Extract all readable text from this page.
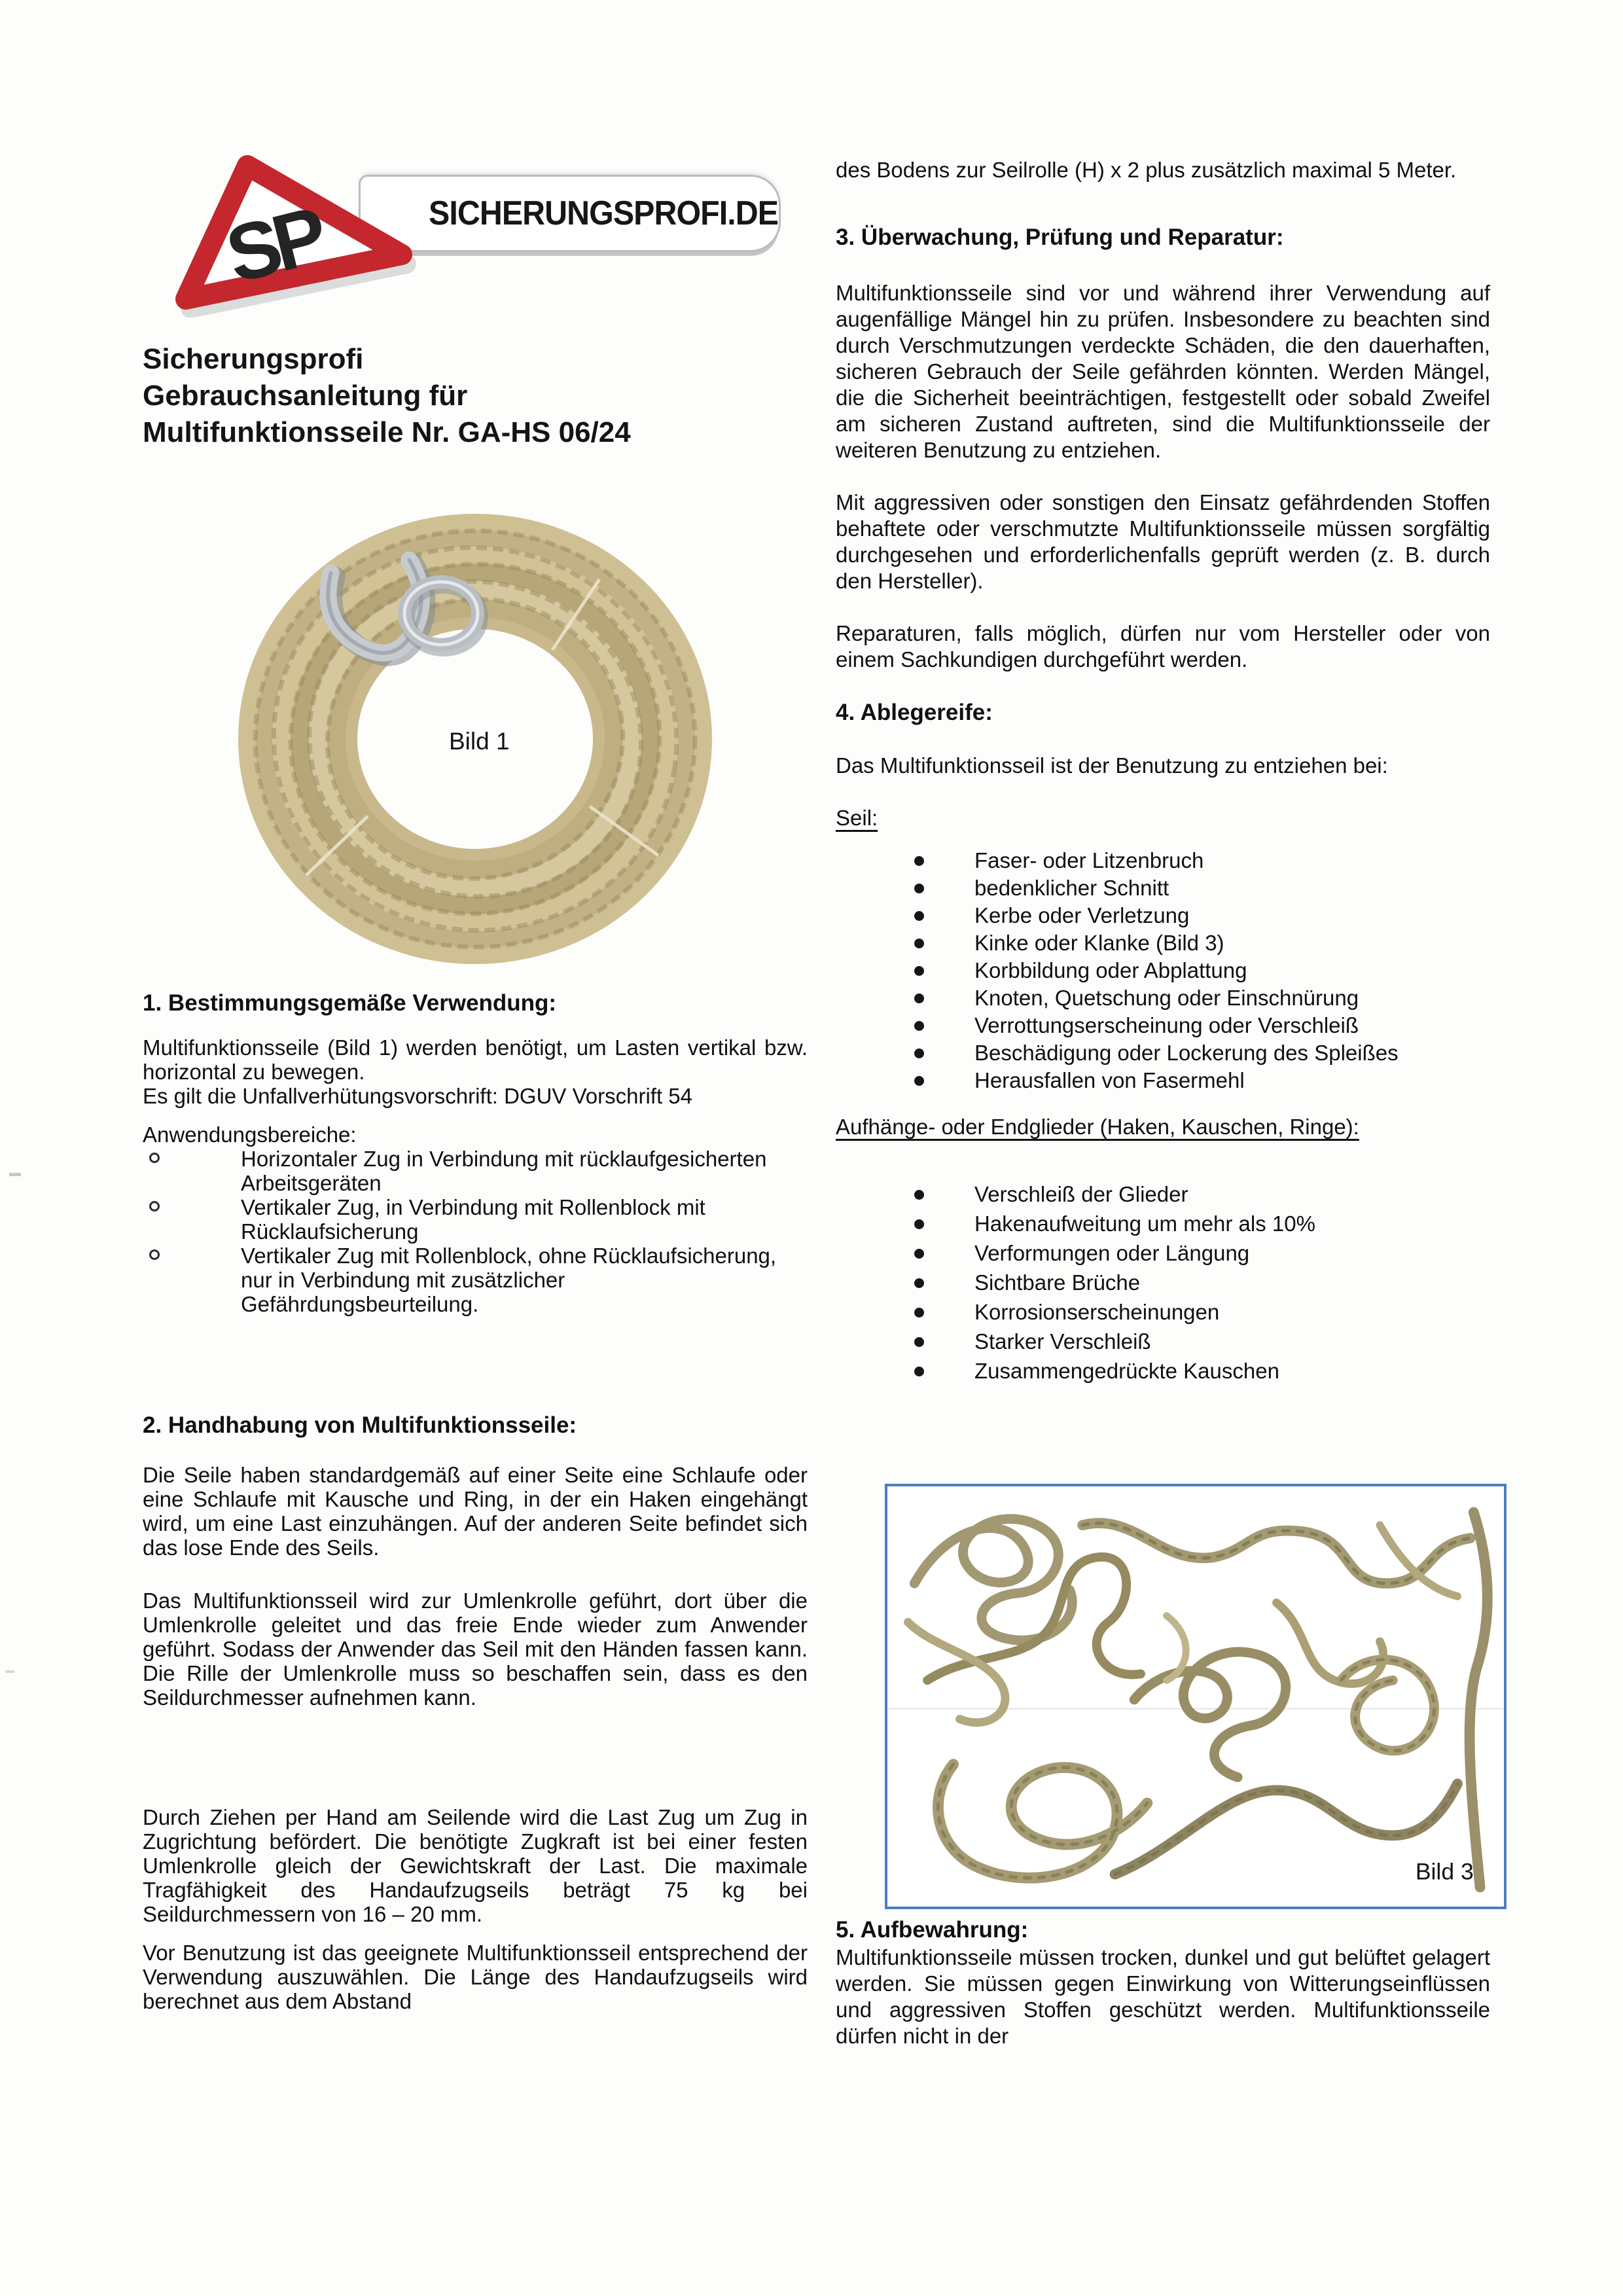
SICHERUNGSPROFI.DE
SP
Sicherungsprofi
Gebrauchsanleitung für
Multifunktionsseile Nr. GA-HS 06/24
Bild 1
1. Bestimmungsgemäße Verwendung:

Multifunktionsseile (Bild 1) werden benötigt, um Lasten vertikal bzw. horizontal zu bewegen.

Es gilt die Unfallverhütungsvorschrift: DGUV Vorschrift 54

Anwendungsbereiche:

Horizontaler Zug in Verbindung mit rücklaufgesicherten Arbeitsgeräten
Vertikaler Zug, in Verbindung mit Rollenblock mit Rücklaufsicherung
Vertikaler Zug mit Rollenblock, ohne Rücklaufsicherung, nur in Verbindung mit zusätzlicher Gefährdungsbeurteilung.
2. Handhabung von Multifunktionsseile:

Die Seile haben standardgemäß auf einer Seite eine Schlaufe oder eine Schlaufe mit Kausche und Ring, in der ein Haken eingehängt wird, um eine Last einzuhängen. Auf der anderen Seite befindet sich das lose Ende des Seils.

Das Multifunktionsseil wird zur Umlenkrolle geführt, dort über die Umlenkrolle geleitet und das freie Ende wieder zum Anwender geführt. Sodass der Anwender das Seil mit den Händen fassen kann. Die Rille der Umlenkrolle muss so beschaffen sein, dass es den Seildurchmesser aufnehmen kann.

Durch Ziehen per Hand am Seilende wird die Last Zug um Zug in Zugrichtung befördert. Die benötigte Zugkraft ist bei einer festen Umlenkrolle gleich der Gewichtskraft der Last. Die maximale Tragfähigkeit des Handaufzugseils beträgt 75 kg bei Seildurchmessern von 16 – 20 mm.

Vor Benutzung ist das geeignete Multifunktionsseil entsprechend der Verwendung auszuwählen. Die Länge des Handaufzugseils wird berechnet aus dem Abstand

des Bodens zur Seilrolle (H) x 2 plus zusätzlich maximal 5 Meter.

3. Überwachung, Prüfung und Reparatur:

Multifunktionsseile sind vor und während ihrer Verwendung auf augenfällige Mängel hin zu prüfen. Insbesondere zu beachten sind durch Verschmutzungen verdeckte Schäden, die den dauerhaften, sicheren Gebrauch der Seile gefährden könnten. Werden Mängel, die die Sicherheit beeinträchtigen, festgestellt oder sobald Zweifel am sicheren Zustand auftreten, sind die Multifunktionsseile der weiteren Benutzung zu entziehen.

Mit aggressiven oder sonstigen den Einsatz gefährdenden Stoffen behaftete oder verschmutzte Multifunktionsseile müssen sorgfältig durchgesehen und erforderlichenfalls geprüft werden (z. B. durch den Hersteller).

Reparaturen, falls möglich, dürfen nur vom Hersteller oder von einem Sachkundigen durchgeführt werden.

4. Ablegereife:

Das Multifunktionsseil ist der Benutzung zu entziehen bei:

Seil:

Faser- oder Litzenbruch
bedenklicher Schnitt
Kerbe oder Verletzung
Kinke oder Klanke (Bild 3)
Korbbildung oder Abplattung
Knoten, Quetschung oder Einschnürung
Verrottungserscheinung oder Verschleiß
Beschädigung oder Lockerung des Spleißes
Herausfallen von Fasermehl

Aufhänge- oder Endglieder (Haken, Kauschen, Ringe):

Verschleiß der Glieder
Hakenaufweitung um mehr als 10%
Verformungen oder Längung
Sichtbare Brüche
Korrosionserscheinungen
Starker Verschleiß
Zusammengedrückte Kauschen
Bild 3
5. Aufbewahrung:

Multifunktionsseile müssen trocken, dunkel und gut belüftet gelagert werden. Sie müssen gegen Einwirkung von Witterungseinflüssen und aggressiven Stoffen geschützt werden. Multifunktionsseile dürfen nicht in der
